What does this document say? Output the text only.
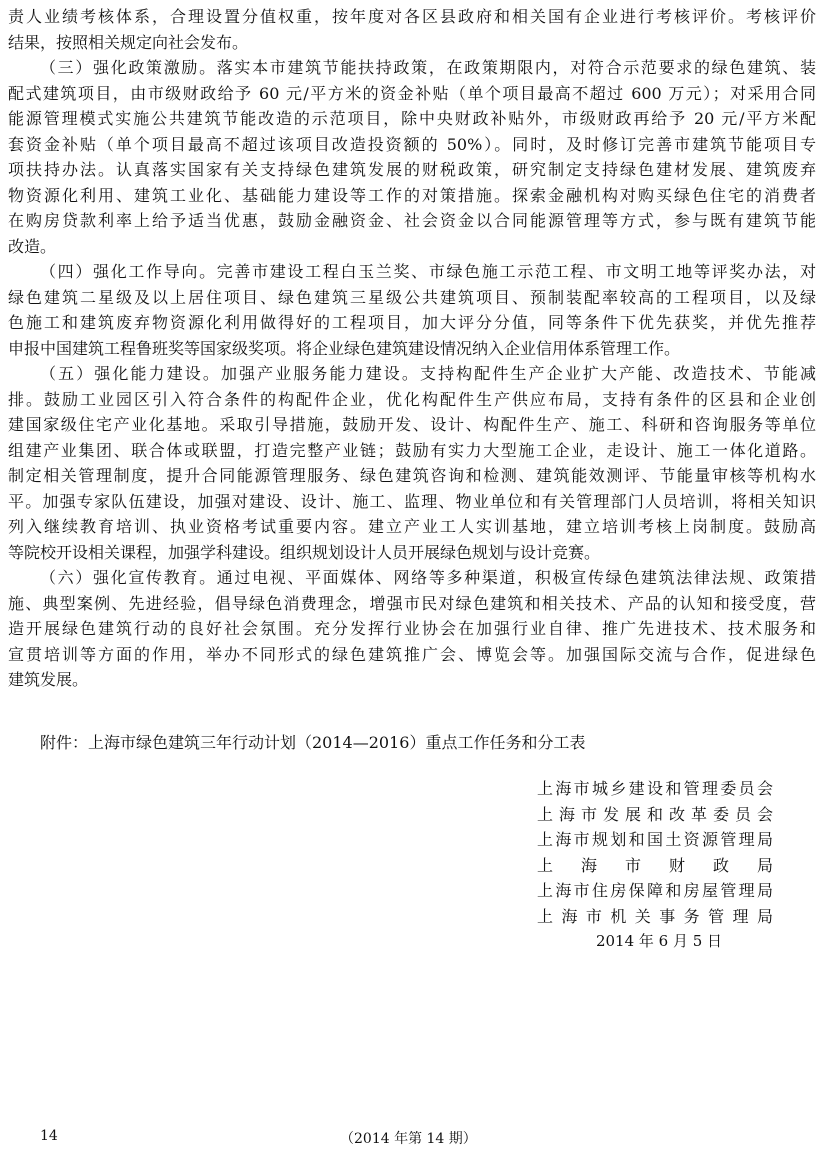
责人业绩考核体系，合理设置分值权重，按年度对各区县政府和相关国有企业进行考核评价。考核评价
结果，按照相关规定向社会发布。
（三）强化政策激励。落实本市建筑节能扶持政策，在政策期限内，对符合示范要求的绿色建筑、装
配式建筑项目，由市级财政给予 60 元/平方米的资金补贴（单个项目最高不超过 600 万元）；对采用合同
能源管理模式实施公共建筑节能改造的示范项目，除中央财政补贴外，市级财政再给予 20 元/平方米配
套资金补贴（单个项目最高不超过该项目改造投资额的 50%）。同时，及时修订完善市建筑节能项目专
项扶持办法。认真落实国家有关支持绿色建筑发展的财税政策，研究制定支持绿色建材发展、建筑废弃
物资源化利用、建筑工业化、基础能力建设等工作的对策措施。探索金融机构对购买绿色住宅的消费者
在购房贷款利率上给予适当优惠，鼓励金融资金、社会资金以合同能源管理等方式，参与既有建筑节能
改造。
（四）强化工作导向。完善市建设工程白玉兰奖、市绿色施工示范工程、市文明工地等评奖办法，对
绿色建筑二星级及以上居住项目、绿色建筑三星级公共建筑项目、预制装配率较高的工程项目，以及绿
色施工和建筑废弃物资源化利用做得好的工程项目，加大评分分值，同等条件下优先获奖，并优先推荐
申报中国建筑工程鲁班奖等国家级奖项。将企业绿色建筑建设情况纳入企业信用体系管理工作。
（五）强化能力建设。加强产业服务能力建设。支持构配件生产企业扩大产能、改造技术、节能减
排。鼓励工业园区引入符合条件的构配件企业，优化构配件生产供应布局，支持有条件的区县和企业创
建国家级住宅产业化基地。采取引导措施，鼓励开发、设计、构配件生产、施工、科研和咨询服务等单位
组建产业集团、联合体或联盟，打造完整产业链；鼓励有实力大型施工企业，走设计、施工一体化道路。
制定相关管理制度，提升合同能源管理服务、绿色建筑咨询和检测、建筑能效测评、节能量审核等机构水
平。加强专家队伍建设，加强对建设、设计、施工、监理、物业单位和有关管理部门人员培训，将相关知识
列入继续教育培训、执业资格考试重要内容。建立产业工人实训基地，建立培训考核上岗制度。鼓励高
等院校开设相关课程，加强学科建设。组织规划设计人员开展绿色规划与设计竞赛。
（六）强化宣传教育。通过电视、平面媒体、网络等多种渠道，积极宣传绿色建筑法律法规、政策措
施、典型案例、先进经验，倡导绿色消费理念，增强市民对绿色建筑和相关技术、产品的认知和接受度，营
造开展绿色建筑行动的良好社会氛围。充分发挥行业协会在加强行业自律、推广先进技术、技术服务和
宣贯培训等方面的作用，举办不同形式的绿色建筑推广会、博览会等。加强国际交流与合作，促进绿色
建筑发展。
附件：上海市绿色建筑三年行动计划（2014—2016）重点工作任务和分工表
上海市城乡建设和管理委员会
上海市发展和改革委员会
上海市规划和国土资源管理局
上海市财政局
上海市住房保障和房屋管理局
上海市机关事务管理局
2014 年 6 月 5 日
14	（2014 年第 14 期）
